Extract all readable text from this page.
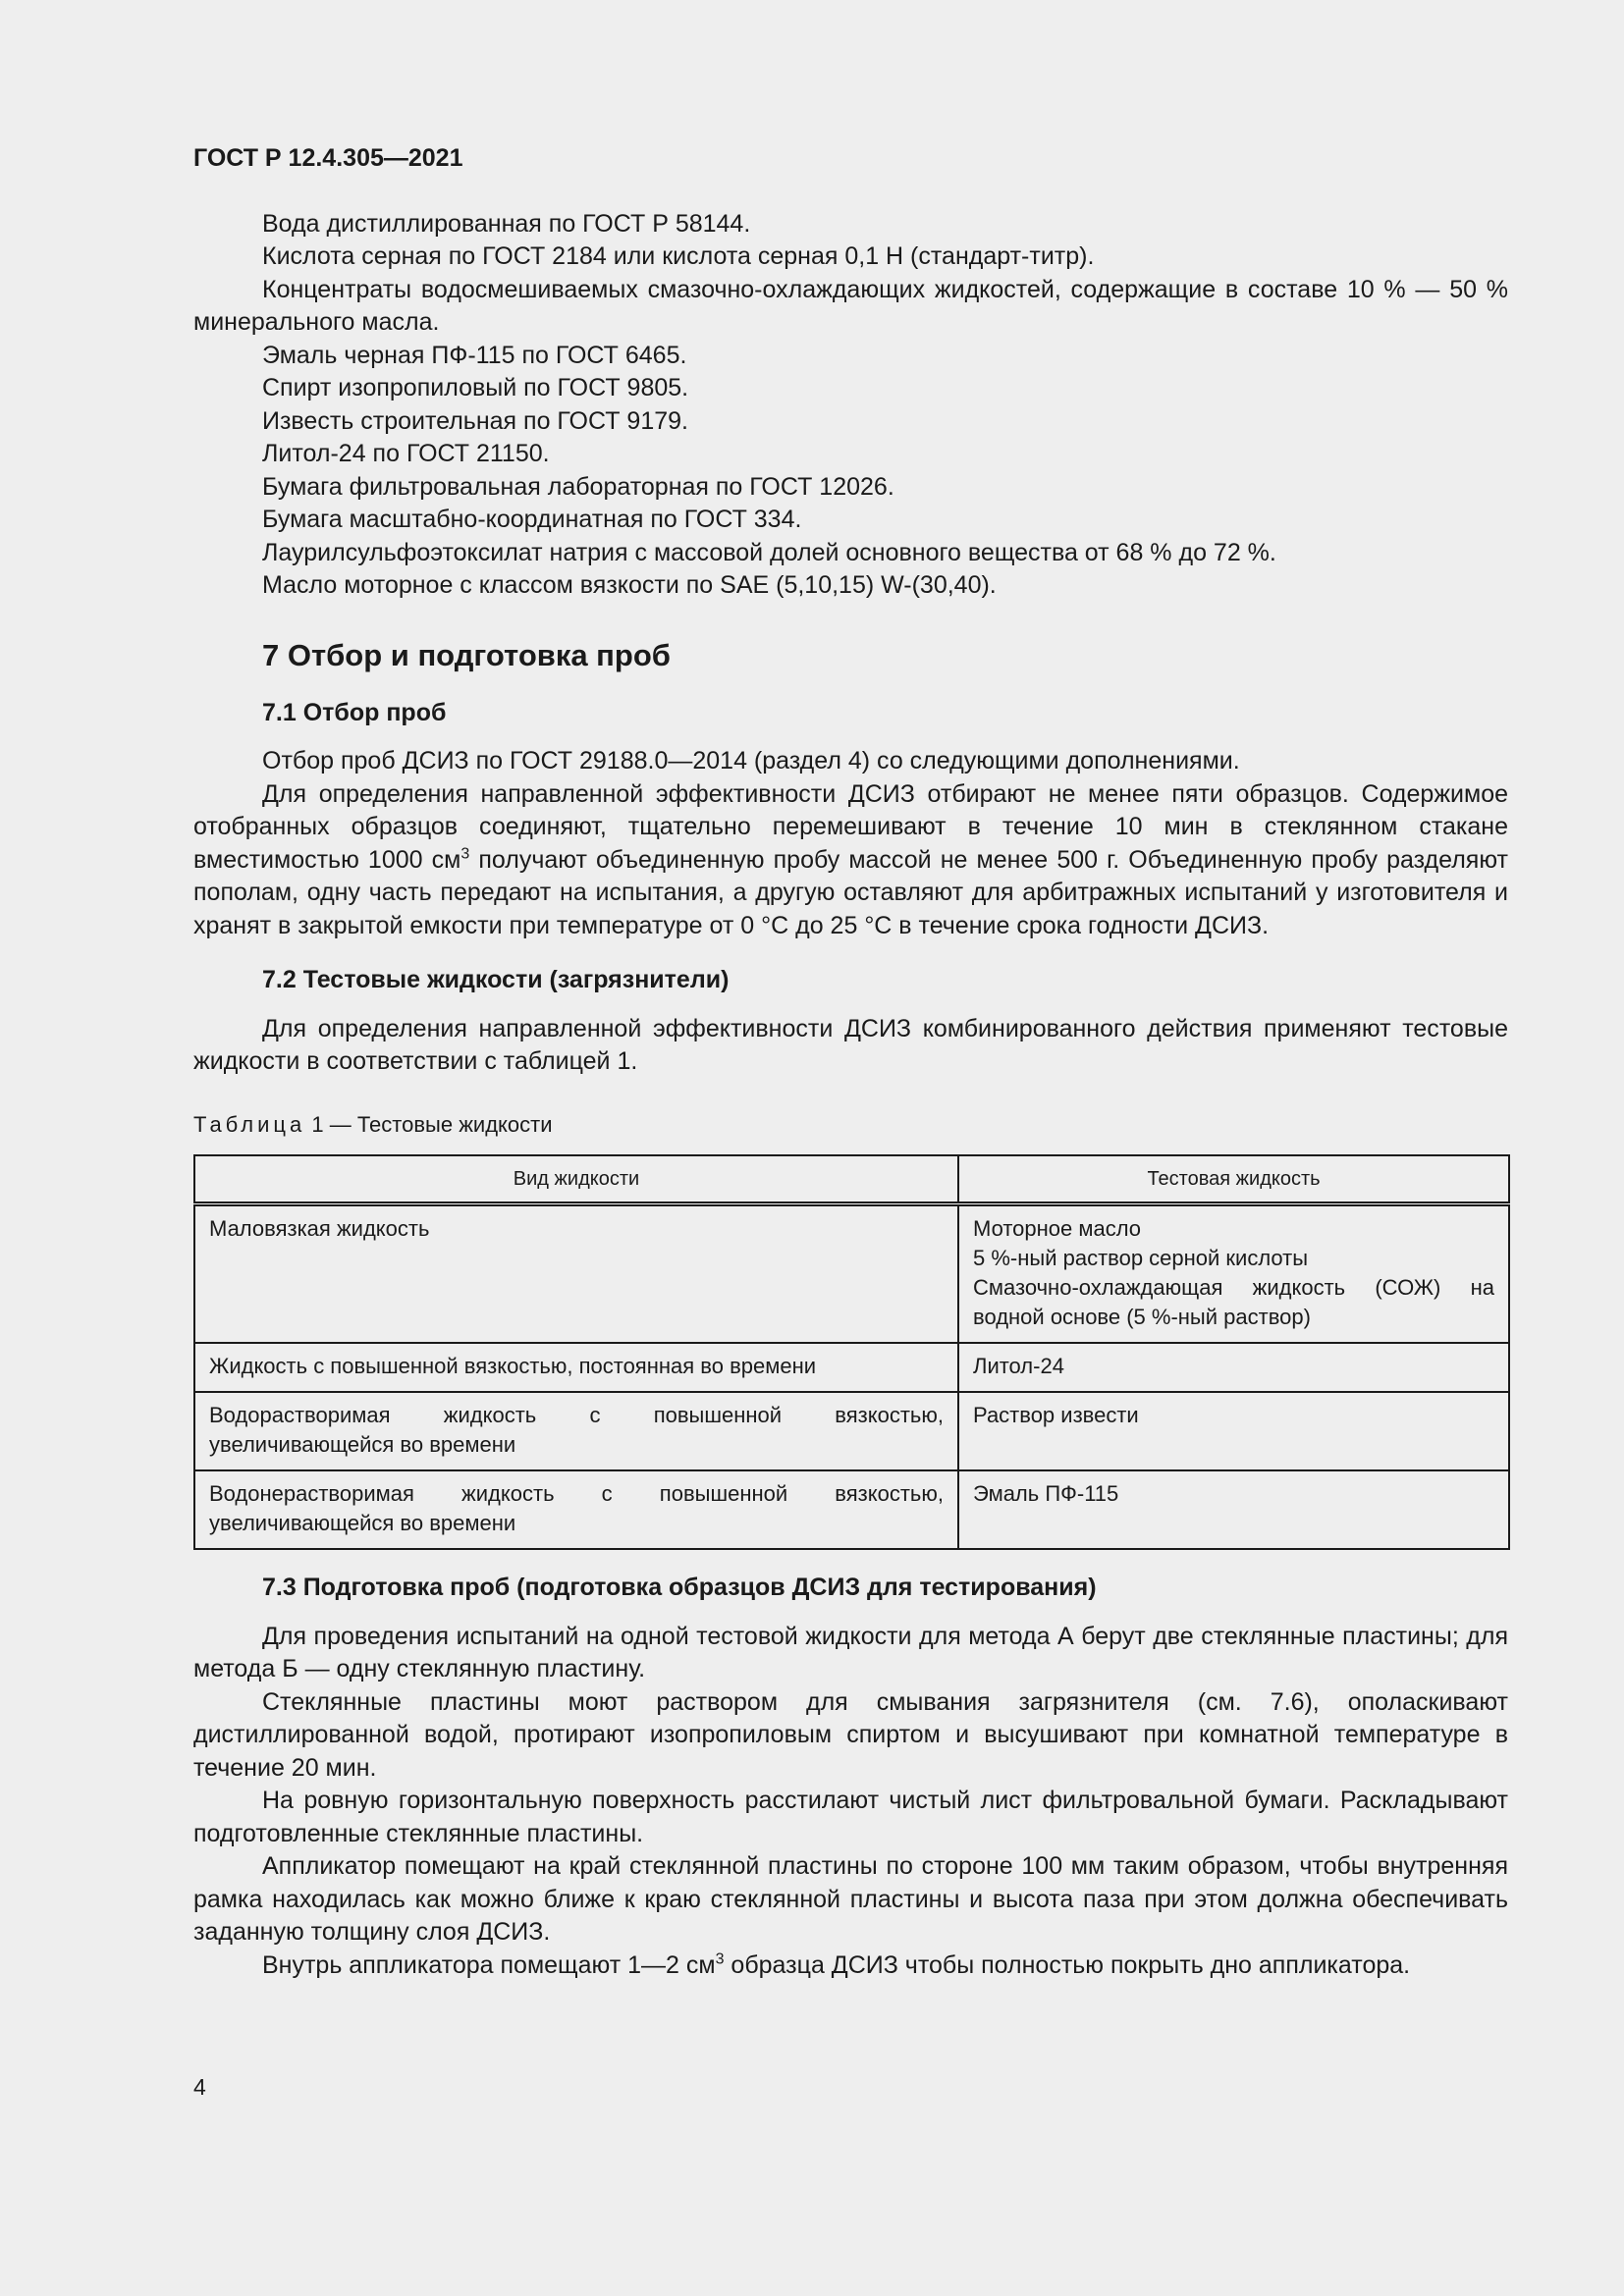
ГОСТ Р 12.4.305—2021

Вода дистиллированная по ГОСТ Р 58144.

Кислота серная по ГОСТ 2184 или кислота серная 0,1 Н (стандарт-титр).

Концентраты водосмешиваемых смазочно-охлаждающих жидкостей, содержащие в составе 10 % — 50 % минерального масла.

Эмаль черная ПФ-115 по ГОСТ 6465.

Спирт изопропиловый по ГОСТ 9805.

Известь строительная по ГОСТ 9179.

Литол-24 по ГОСТ 21150.

Бумага фильтровальная лабораторная по ГОСТ 12026.

Бумага масштабно-координатная по ГОСТ 334.

Лаурилсульфоэтоксилат натрия с массовой долей основного вещества от 68 % до 72 %.

Масло моторное с классом вязкости по SAE (5,10,15) W-(30,40).

7 Отбор и подготовка проб
7.1 Отбор проб

Отбор проб ДСИЗ по ГОСТ 29188.0—2014 (раздел 4) со следующими дополнениями.

Для определения направленной эффективности ДСИЗ отбирают не менее пяти образцов. Содержимое отобранных образцов соединяют, тщательно перемешивают в течение 10 мин в стеклянном стакане вместимостью 1000 $см^3$ получают объединенную пробу массой не менее 500 г. Объединенную пробу разделяют пополам, одну часть передают на испытания, а другую оставляют для арбитражных испытаний у изготовителя и хранят в закрытой емкости при температуре от 0 °С до 25 °С в течение срока годности ДСИЗ.

7.2 Тестовые жидкости (загрязнители)

Для определения направленной эффективности ДСИЗ комбинированного действия применяют тестовые жидкости в соответствии с таблицей 1.

Таблица 1 — Тестовые жидкости
Вид жидкости	Тестовая жидкость
Маловязкая жидкость	Моторное масло
5 %-ный раствор серной кислоты
Смазочно-охлаждающая жидкость (СОЖ) на водной основе (5 %-ный раствор)

Жидкость с повышенной вязкостью, постоянная во времени	Литол-24

Водорастворимая жидкость с повышенной вязкостью, увеличивающейся во времени	Раствор извести

Водонерастворимая жидкость с повышенной вязкостью, увеличивающейся во времени	Эмаль ПФ-115
7.3 Подготовка проб (подготовка образцов ДСИЗ для тестирования)

Для проведения испытаний на одной тестовой жидкости для метода А берут две стеклянные пластины; для метода Б — одну стеклянную пластину.

Стеклянные пластины моют раствором для смывания загрязнителя (см. 7.6), ополаскивают дистиллированной водой, протирают изопропиловым спиртом и высушивают при комнатной температуре в течение 20 мин.

На ровную горизонтальную поверхность расстилают чистый лист фильтровальной бумаги. Раскладывают подготовленные стеклянные пластины.

Аппликатор помещают на край стеклянной пластины по стороне 100 мм таким образом, чтобы внутренняя рамка находилась как можно ближе к краю стеклянной пластины и высота паза при этом должна обеспечивать заданную толщину слоя ДСИЗ.

Внутрь аппликатора помещают 1—2 $см^3$ образца ДСИЗ чтобы полностью покрыть дно аппликатора.

4
